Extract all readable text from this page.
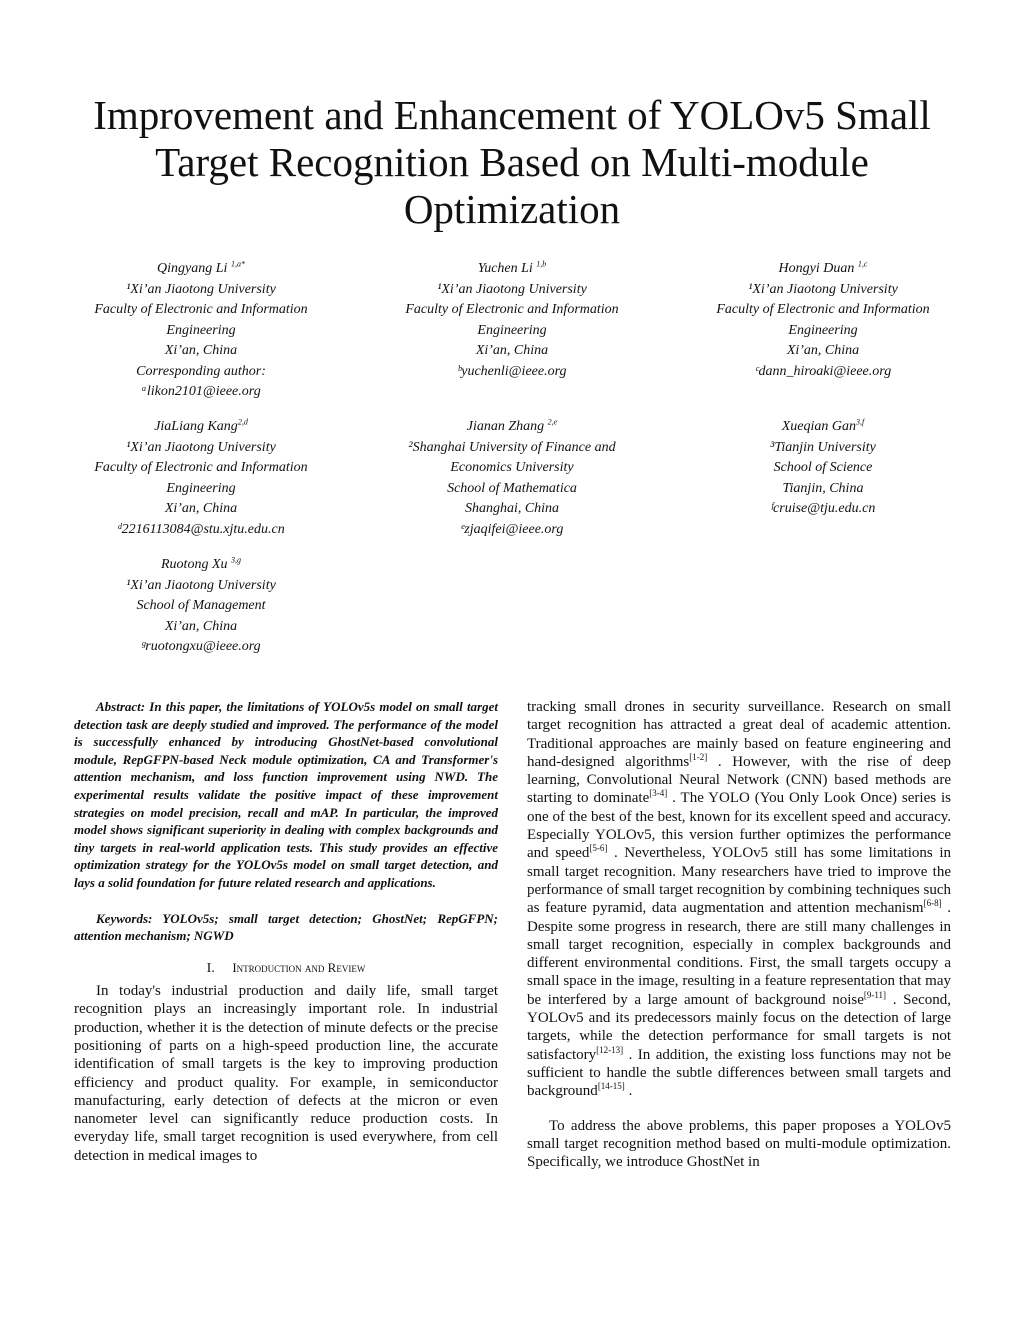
Improvement and Enhancement of YOLOv5 Small Target Recognition Based on Multi-module Optimization
Qingyang Li $^{1,a*}$
¹Xi’an Jiaotong University
Faculty of Electronic and Information
Engineering
Xi’an, China
Corresponding author:
ᵃlikon2101@ieee.org
Yuchen Li $^{1,b}$
¹Xi’an Jiaotong University
Faculty of Electronic and Information
Engineering
Xi’an, China
ᵇyuchenli@ieee.org
Hongyi Duan $^{1,c}$
¹Xi’an Jiaotong University
Faculty of Electronic and Information
Engineering
Xi’an, China
ᶜdann_hiroaki@ieee.org
JiaLiang Kang$^{2,d}$
¹Xi’an Jiaotong University
Faculty of Electronic and Information
Engineering
Xi’an, China
ᵈ2216113084@stu.xjtu.edu.cn
Jianan Zhang $^{2,e}$
²Shanghai University of Finance and
Economics University
School of Mathematica
Shanghai, China
ᵉzjaqifei@ieee.org
Xueqian Gan$^{3,f}$
³Tianjin University
School of Science
Tianjin, China
ᶠcruise@tju.edu.cn
Ruotong Xu $^{3,g}$
¹Xi’an Jiaotong University
School of Management
Xi’an, China
ᵍruotongxu@ieee.org

Abstract: In this paper, the limitations of YOLOv5s model on small target detection task are deeply studied and improved. The performance of the model is successfully enhanced by introducing GhostNet-based convolutional module, RepGFPN-based Neck module optimization, CA and Transformer's attention mechanism, and loss function improvement using NWD. The experimental results validate the positive impact of these improvement strategies on model precision, recall and mAP. In particular, the improved model shows significant superiority in dealing with complex backgrounds and tiny targets in real-world application tests. This study provides an effective optimization strategy for the YOLOv5s model on small target detection, and lays a solid foundation for future related research and applications.

Keywords: YOLOv5s; small target detection; GhostNet; RepGFPN; attention mechanism; NGWD

I. Introduction and Review

In today's industrial production and daily life, small target recognition plays an increasingly important role. In industrial production, whether it is the detection of minute defects or the precise positioning of parts on a high-speed production line, the accurate identification of small targets is the key to improving production efficiency and product quality. For example, in semiconductor manufacturing, early detection of defects at the micron or even nanometer level can significantly reduce production costs. In everyday life, small target recognition is used everywhere, from cell detection in medical images to

tracking small drones in security surveillance. Research on small target recognition has attracted a great deal of academic attention. Traditional approaches are mainly based on feature engineering and hand-designed algorithms[1-2] . However, with the rise of deep learning, Convolutional Neural Network (CNN) based methods are starting to dominate[3-4] . The YOLO (You Only Look Once) series is one of the best of the best, known for its excellent speed and accuracy. Especially YOLOv5, this version further optimizes the performance and speed[5-6] . Nevertheless, YOLOv5 still has some limitations in small target recognition. Many researchers have tried to improve the performance of small target recognition by combining techniques such as feature pyramid, data augmentation and attention mechanism[6-8] . Despite some progress in research, there are still many challenges in small target recognition, especially in complex backgrounds and different environmental conditions. First, the small targets occupy a small space in the image, resulting in a feature representation that may be interfered by a large amount of background noise[9-11] . Second, YOLOv5 and its predecessors mainly focus on the detection of large targets, while the detection performance for small targets is not satisfactory[12-13] . In addition, the existing loss functions may not be sufficient to handle the subtle differences between small targets and background[14-15] .

To address the above problems, this paper proposes a YOLOv5 small target recognition method based on multi-module optimization. Specifically, we introduce GhostNet in
